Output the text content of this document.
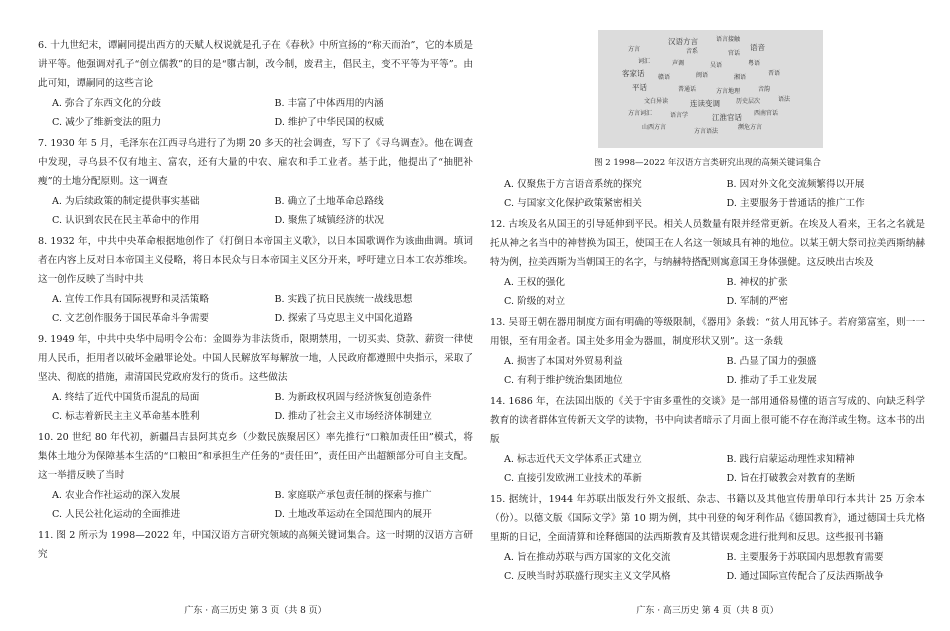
6. 十九世纪末，谭嗣同提出西方的天赋人权说就是孔子在《春秋》中所宣扬的“称天而治”，它的本质是讲平等。他强调对孔子“创立儒教”的目的是“隳古制，改今制，废君主，倡民主，变不平等为平等”。由此可知，谭嗣同的这些言论

A. 弥合了东西文化的分歧	B. 丰富了中体西用的内涵
C. 减少了维新变法的阻力	D. 维护了中华民国的权威

7. 1930 年 5 月，毛泽东在江西寻乌进行了为期 20 多天的社会调查，写下了《寻乌调查》。他在调查中发现，寻乌县不仅有地主、富农，还有大量的中农、雇农和手工业者。基于此，他提出了“抽肥补瘦”的土地分配原则。这一调查

A. 为后续政策的制定提供事实基础	B. 确立了土地革命总路线
C. 认识到农民在民主革命中的作用	D. 聚焦了城镇经济的状况

8. 1932 年，中共中央革命根据地创作了《打倒日本帝国主义歌》，以日本国歌调作为该曲曲调。填词者在内容上反对日本帝国主义侵略，将日本民众与日本帝国主义区分开来，呼吁建立日本工农苏维埃。这一创作反映了当时中共

A. 宣传工作具有国际视野和灵活策略	B. 实践了抗日民族统一战线思想
C. 文艺创作服务于国民革命斗争需要	D. 探索了马克思主义中国化道路

9. 1949 年，中共中央华中局明令公布：金圆券为非法货币，限期禁用，一切买卖、贷款、薪资一律使用人民币，拒用者以破坏金融罪论处。中国人民解放军每解放一地，人民政府都遵照中央指示，采取了坚决、彻底的措施，肃清国民党政府发行的货币。这些做法

A. 终结了近代中国货币混乱的局面	B. 为新政权巩固与经济恢复创造条件
C. 标志着新民主主义革命基本胜利	D. 推动了社会主义市场经济体制建立

10. 20 世纪 80 年代初，新疆昌吉县阿其克乡（少数民族聚居区）率先推行“口粮加责任田”模式，将集体土地分为保障基本生活的“口粮田”和承担生产任务的“责任田”，责任田产出超额部分可自主支配。这一举措反映了当时

A. 农业合作社运动的深入发展	B. 家庭联产承包责任制的探索与推广
C. 人民公社化运动的全面推进	D. 土地改革运动在全国范围内的展开

11. 图 2 所示为 1998—2022 年，中国汉语方言研究领域的高频关键词集合。这一时期的汉语方言研究

广东 · 高三历史 第 3 页（共 8 页）
汉语方言	语言接触
方言	音系	官话
语音
词汇	声调	吴语	粤语
客家话 赣语	闽语	湘语
晋语
平话	普通话	方言地理	音韵
文白异读	连读变调	历史层次	语法
方言词汇	语言学	江淮官话 西南官话
山西方言
方言语法
濒危方言
图 2 1998—2022 年汉语方言类研究出现的高频关键词集合
A. 仅聚焦于方言语音系统的探究	B. 因对外文化交流频繁得以开展
C. 与国家文化保护政策紧密相关	D. 主要服务于普通话的推广工作

12. 古埃及名从国王的引导延伸到平民。相关人员数量有限并经常更新。在埃及人看来，王名之名就是托从神之名当中的神替换为国王，使国王在人名这一领域具有神的地位。以某王朝大祭司拉美西斯纳赫特为例，拉美西斯为当朝国王的名字，与纳赫特搭配则寓意国王身体强健。这反映出古埃及

A. 王权的强化	B. 神权的扩张
C. 阶级的对立	D. 军制的严密

13. 吴哥王朝在器用制度方面有明确的等级限制，《器用》条载：“贫人用瓦钵子。若府第富室，则一一用银，至有用金者。国主处多用金为器皿，制度形状又别”。这一条载

A. 损害了本国对外贸易利益	B. 凸显了国力的强盛
C. 有利于维护统治集团地位	D. 推动了手工业发展

14. 1686 年，在法国出版的《关于宇宙多重性的交谈》是一部用通俗易懂的语言写成的、向缺乏科学教育的读者群体宣传新天文学的读物，书中向读者暗示了月面上很可能不存在海洋或生物。这本书的出版

A. 标志近代天文学体系正式建立	B. 践行启蒙运动理性求知精神
C. 直接引发欧洲工业技术的革新	D. 旨在打破教会对教育的垄断

15. 据统计，1944 年苏联出版发行外文报纸、杂志、书籍以及其他宣传册单印行本共计 25 万余本（份）。以德文版《国际文学》第 10 期为例，其中刊登的匈牙利作品《德国教育》，通过德国士兵尤格里斯的日记，全面清算和诠释德国的法西斯教育及其错误观念进行批判和反思。这些报刊书籍

A. 旨在推动苏联与西方国家的文化交流	B. 主要服务于苏联国内思想教育需要
C. 反映当时苏联盛行现实主义文学风格	D. 通过国际宣传配合了反法西斯战争
广东 · 高三历史 第 4 页（共 8 页）
